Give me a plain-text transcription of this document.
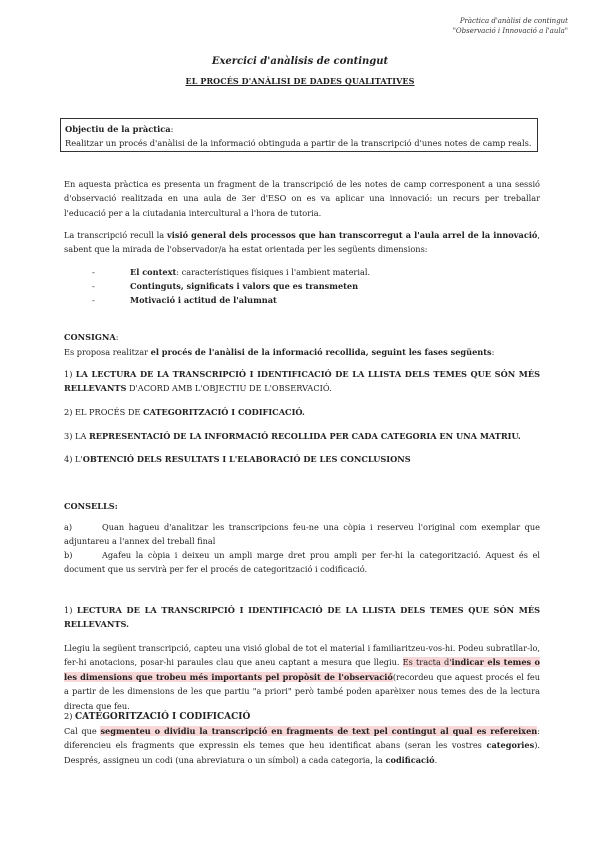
Pràctica d'anàlisi de contingut
"Observació i Innovació a l'aula"
Exercici d'anàlisis de contingut
EL PROCÉS D'ANÀLISI DE DADES QUALITATIVES
Objectiu de la pràctica:
Realitzar un procés d'anàlisi de la informació obtinguda a partir de la transcripció d'unes notes de camp reals.
En aquesta pràctica es presenta un fragment de la transcripció de les notes de camp corresponent a una sessió d'observació realitzada en una aula de 3er d'ESO on es va aplicar una innovació: un recurs per treballar l'educació per a la ciutadania intercultural a l'hora de tutoria.
La transcripció recull la visió general dels processos que han transcorregut a l'aula arrel de la innovació, sabent que la mirada de l'observador/a ha estat orientada per les següents dimensions:
-	El context: característiques físiques i l'ambient material.
-	Continguts, significats i valors que es transmeten
-	Motivació i actitud de l'alumnat
CONSIGNA:
Es proposa realitzar el procés de l'anàlisi de la informació recollida, seguint les fases següents:
1) LA LECTURA DE LA TRANSCRIPCIÓ I IDENTIFICACIÓ DE LA LLISTA DELS TEMES QUE SÓN MÉS RELLEVANTS D'ACORD AMB L'OBJECTIU DE L'OBSERVACIÓ.
2) EL PROCÉS DE CATEGORITZACIÓ I CODIFICACIÓ.
3) LA REPRESENTACIÓ DE LA INFORMACIÓ RECOLLIDA PER CADA CATEGORIA EN UNA MATRIU.
4) L'OBTENCIÓ DELS RESULTATS I L'ELABORACIÓ DE LES CONCLUSIONS
CONSELLS:
a)	Quan hagueu d'analitzar les transcripcions feu-ne una còpia i reserveu l'original com exemplar que adjuntareu a l'annex del treball final
b)	Agafeu la còpia i deixeu un ampli marge dret prou ampli per fer-hi la categorització. Aquest és el document que us servirà per fer el procés de categorització i codificació.
1) LECTURA DE LA TRANSCRIPCIÓ I IDENTIFICACIÓ DE LA LLISTA DELS TEMES QUE SÓN MÉS RELLEVANTS.
Llegiu la següent transcripció, capteu una visió global de tot el material i familiaritzeu-vos-hi. Podeu subratllar-lo, fer-hi anotacions, posar-hi paraules clau que aneu captant a mesura que llegiu. Es tracta d'indicar els temes o les dimensions que trobeu més importants pel propòsit de l'observació(recordeu que aquest procés el feu a partir de les dimensions de les que partiu "a priori" però també poden aparèixer nous temes des de la lectura directa que feu.
2) CATEGORITZACIÓ I CODIFICACIÓ
Cal que segmenteu o dividiu la transcripció en fragments de text pel contingut al qual es refereixen: diferencieu els fragments que expressin els temes que heu identificat abans (seran les vostres categories). Després, assigneu un codi (una abreviatura o un símbol) a cada categoria, la codificació.
